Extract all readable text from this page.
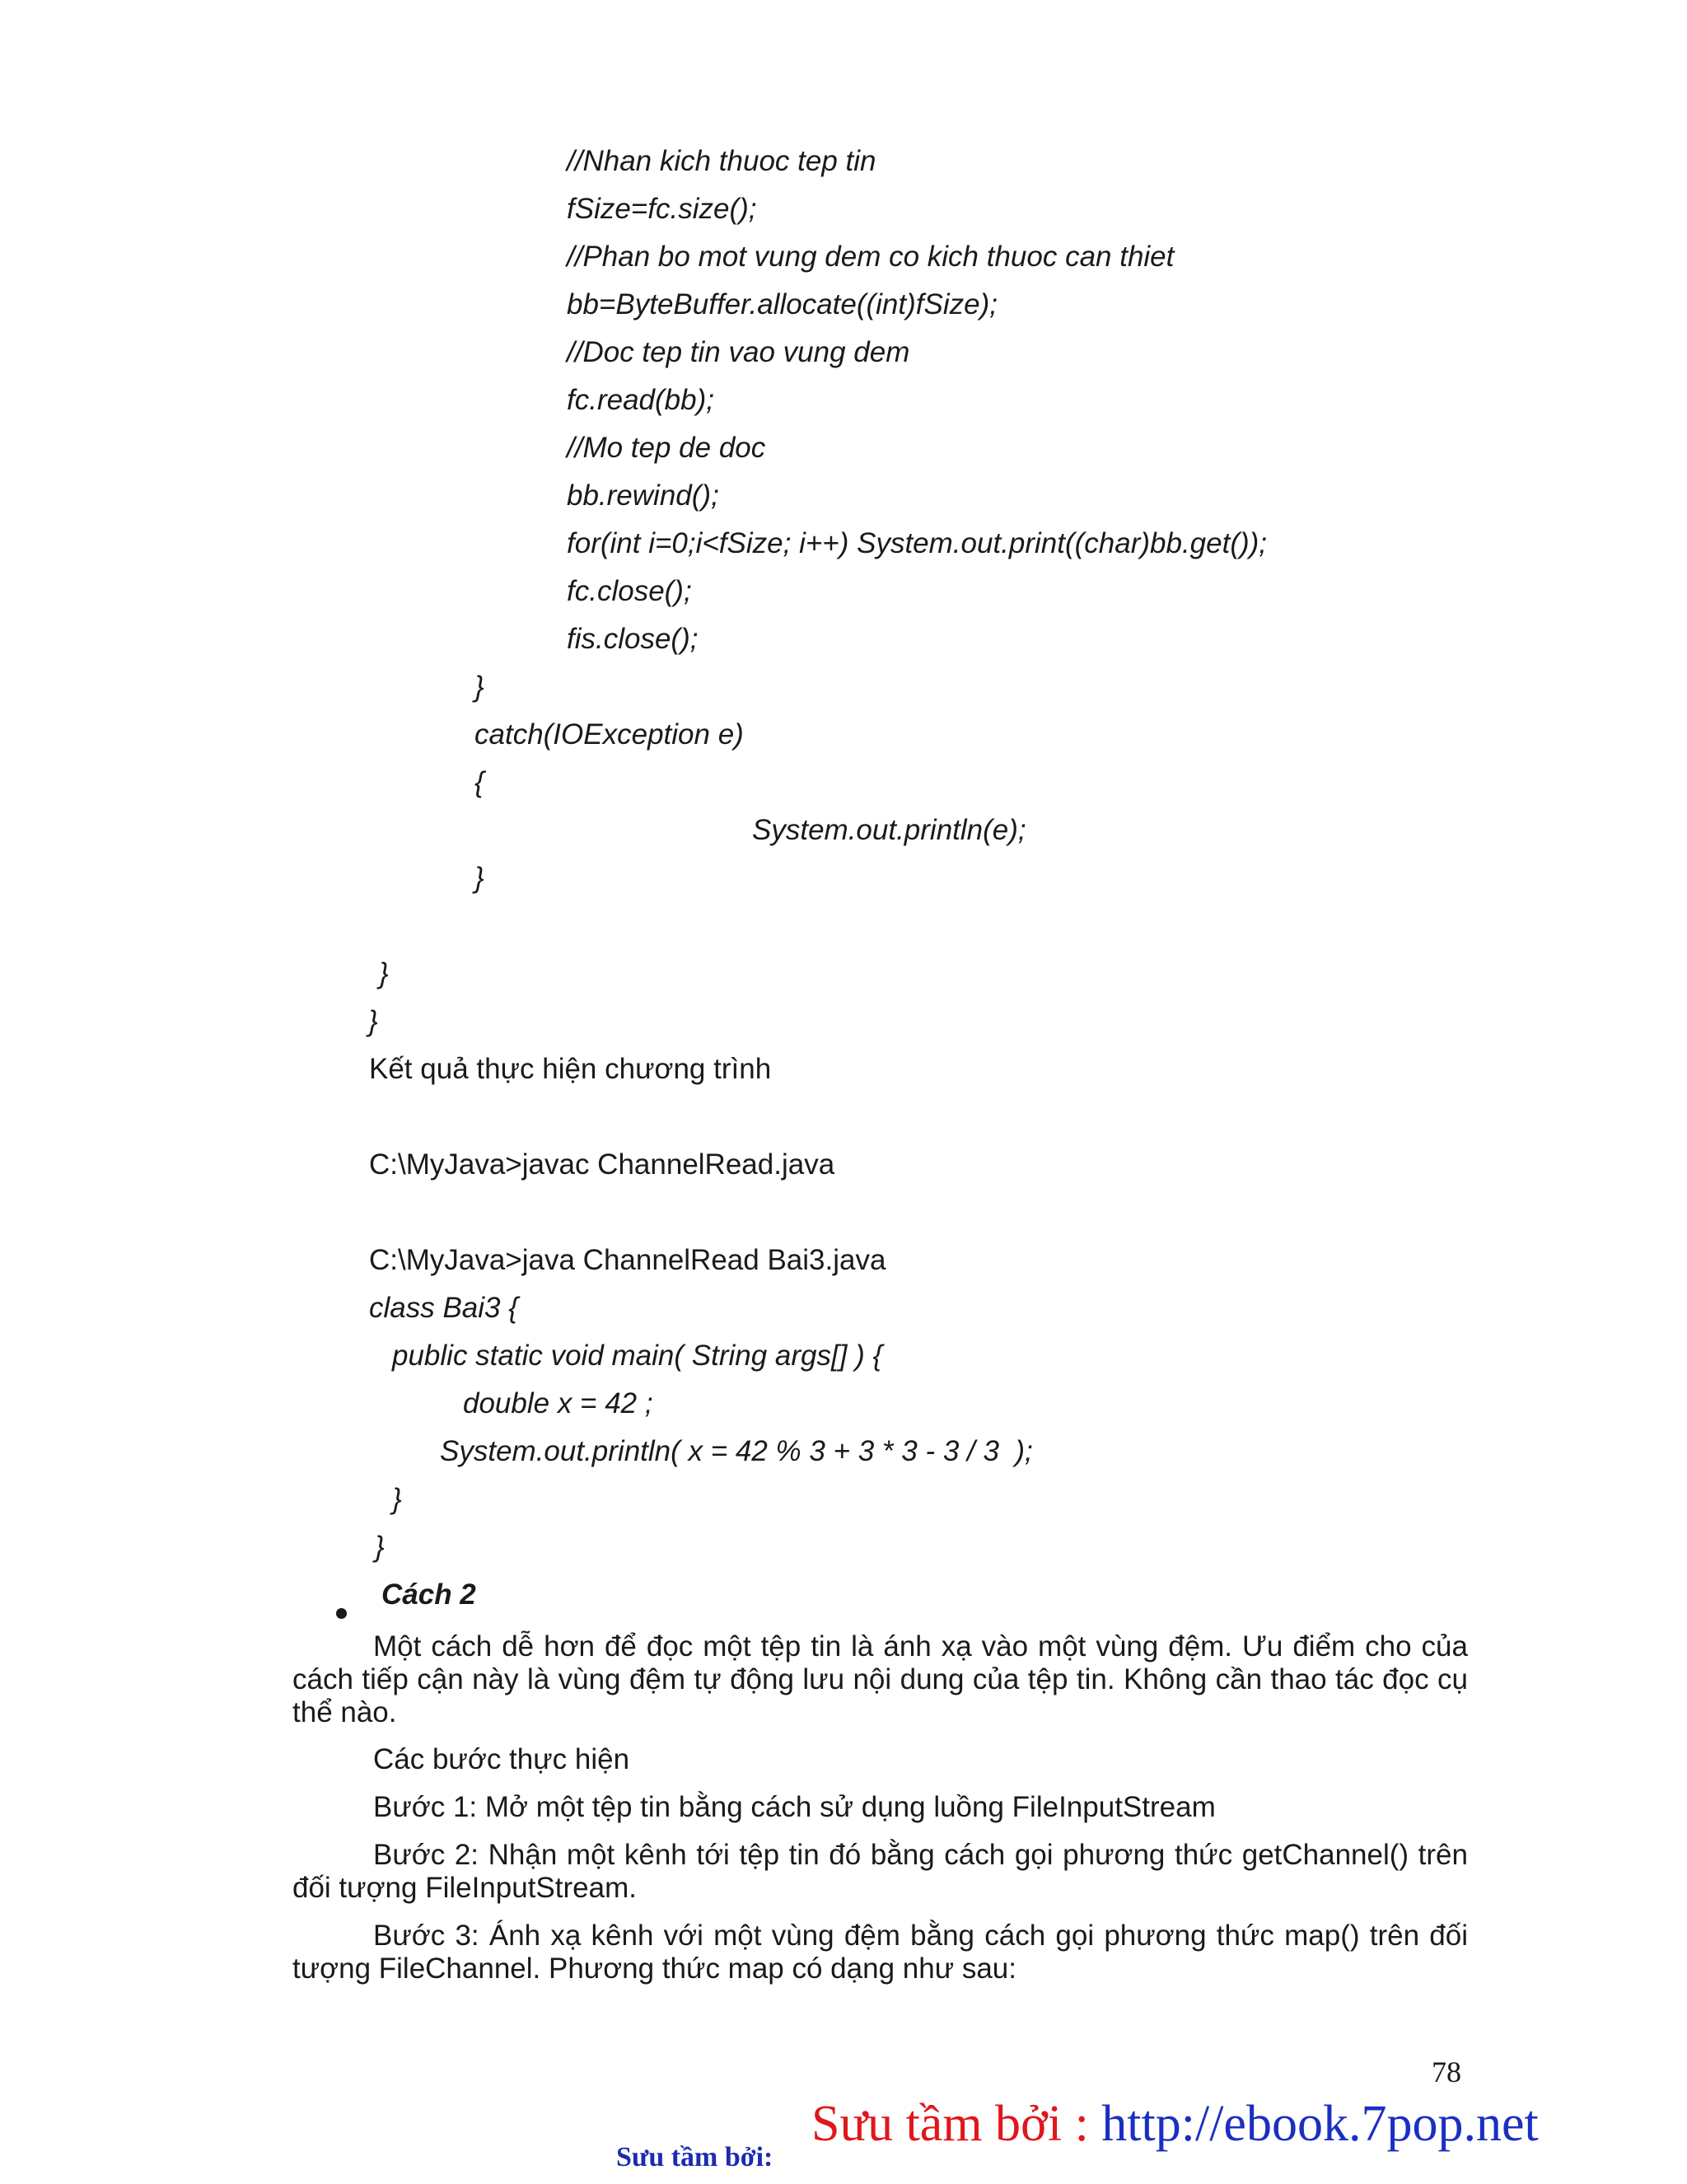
//Nhan kich thuoc tep tin
fSize=fc.size();
//Phan bo mot vung dem co kich thuoc can thiet
bb=ByteBuffer.allocate((int)fSize);
//Doc tep tin vao vung dem
fc.read(bb);
//Mo tep de doc
bb.rewind();
for(int i=0;i<fSize; i++) System.out.print((char)bb.get());
fc.close();
fis.close();
}
catch(IOException e)
{
System.out.println(e);
}
}
}
Kết quả thực hiện chương trình
C:\MyJava>javac ChannelRead.java
C:\MyJava>java ChannelRead Bai3.java
class Bai3 {
public static void main( String args[] ) {
double x = 42 ;
System.out.println( x = 42 % 3 + 3 * 3 - 3 / 3  );
}
}
Cách 2
Một cách dễ hơn để đọc một tệp tin là ánh xạ vào một vùng đệm. Ưu điểm cho của cách tiếp cận này là vùng đệm tự động lưu nội dung của tệp tin. Không cần thao tác đọc cụ thể nào.
Các bước thực hiện
Bước 1: Mở một tệp tin bằng cách sử dụng luồng FileInputStream
Bước 2: Nhận một kênh tới tệp tin đó bằng cách gọi phương thức getChannel() trên đối tượng FileInputStream.
Bước 3: Ánh xạ kênh với một vùng đệm bằng cách gọi phương thức map() trên đối tượng FileChannel. Phương thức map có dạng như sau:
78
Sưu tầm bởi : http://ebook.7pop.net
Sưu tầm bởi:
